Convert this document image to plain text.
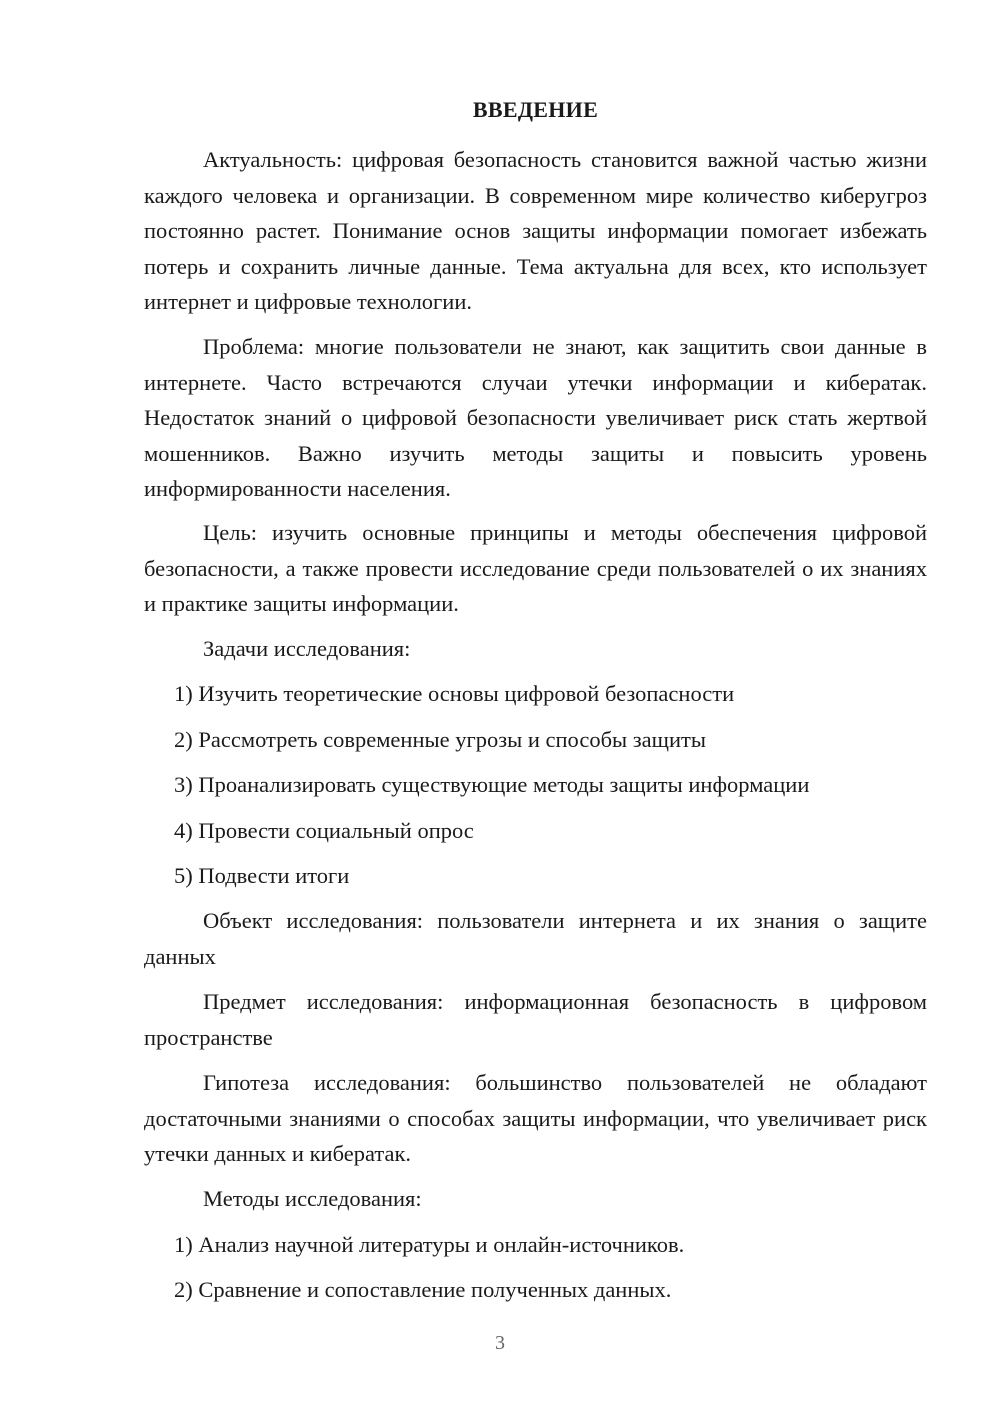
ВВЕДЕНИЕ

Актуальность: цифровая безопасность становится важной частью жизни каждого человека и организации. В современном мире количество киберугроз постоянно растет. Понимание основ защиты информации помогает избежать потерь и сохранить личные данные. Тема актуальна для всех, кто использует интернет и цифровые технологии.

Проблема: многие пользователи не знают, как защитить свои данные в интернете. Часто встречаются случаи утечки информации и кибератак. Недостаток знаний о цифровой безопасности увеличивает риск стать жертвой мошенников. Важно изучить методы защиты и повысить уровень информированности населения.

Цель: изучить основные принципы и методы обеспечения цифровой безопасности, а также провести исследование среди пользователей о их знаниях и практике защиты информации.

Задачи исследования:

1) Изучить теоретические основы цифровой безопасности
2) Рассмотреть современные угрозы и способы защиты
3) Проанализировать существующие методы защиты информации
4) Провести социальный опрос
5) Подвести итоги

Объект исследования: пользователи интернета и их знания о защите данных

Предмет исследования: информационная безопасность в цифровом пространстве

Гипотеза исследования: большинство пользователей не обладают достаточными знаниями о способах защиты информации, что увеличивает риск утечки данных и кибератак.

Методы исследования:

1) Анализ научной литературы и онлайн-источников.
2) Сравнение и сопоставление полученных данных.
3
